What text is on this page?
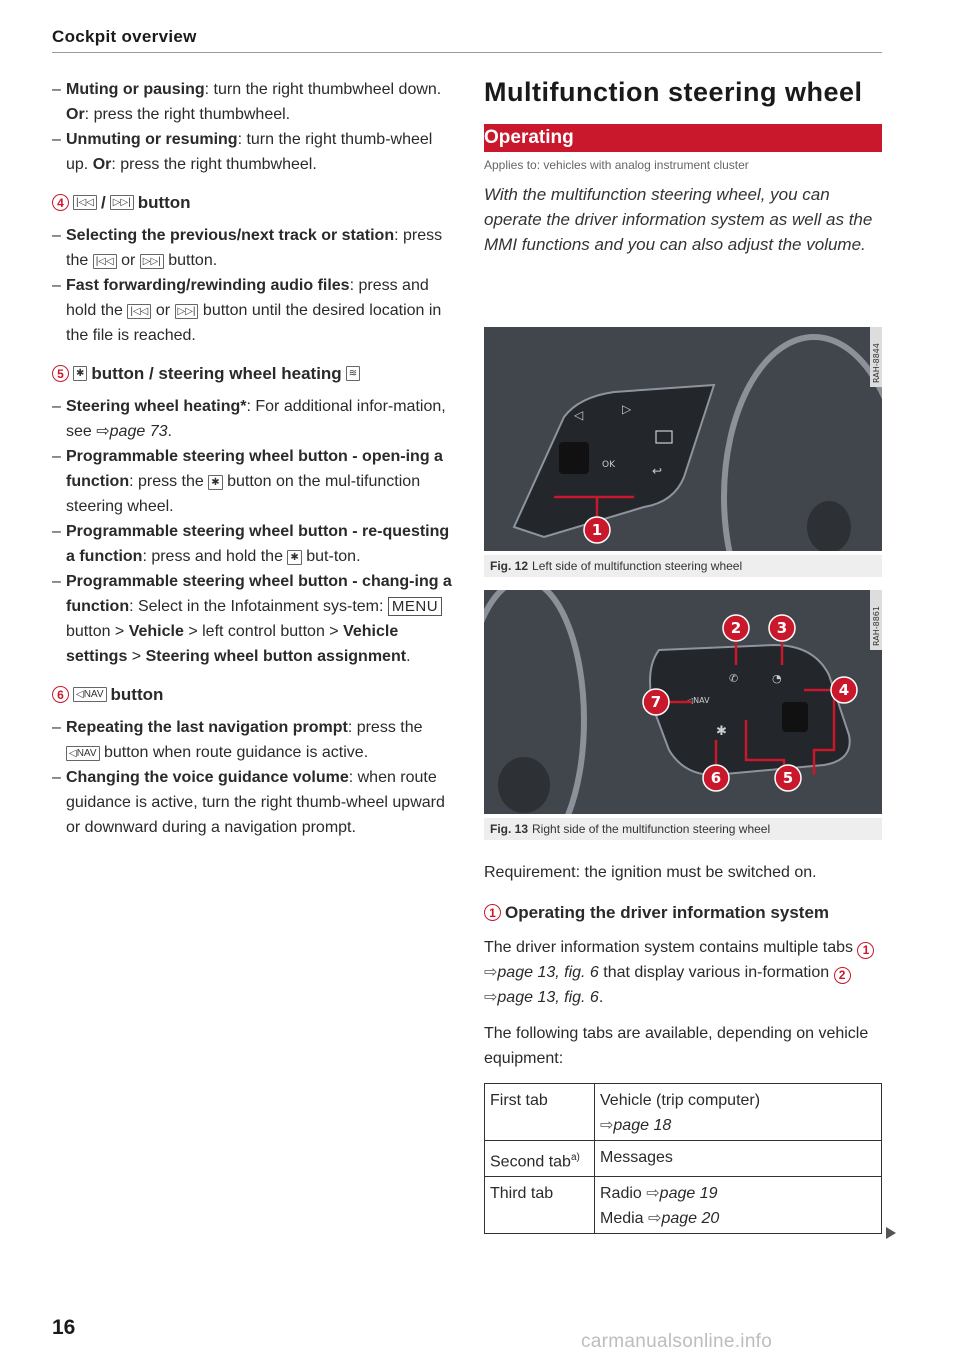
Cockpit overview

– Muting or pausing: turn the right thumbwheel down. Or: press the right thumbwheel.

– Unmuting or resuming: turn the right thumb-wheel up. Or: press the right thumbwheel.

4	|◁◁ / ▷▷| button

– Selecting the previous/next track or station: press the |◁◁ or ▷▷| button.

– Fast forwarding/rewinding audio files: press and hold the |◁◁ or ▷▷| button until the desired location in the file is reached.

5	✱ button / steering wheel heating ≋

– Steering wheel heating*: For additional infor-mation, see ⇨page 73.

– Programmable steering wheel button - open-ing a function: press the ✱ button on the mul-tifunction steering wheel.

– Programmable steering wheel button - re-questing a function: press and hold the ✱ but-ton.

– Programmable steering wheel button - chang-ing a function: Select in the Infotainment sys-tem: MENU button > Vehicle > left control button > Vehicle settings > Steering wheel button assignment.

6	◁NAV button

– Repeating the last navigation prompt: press the ◁NAV button when route guidance is active.

– Changing the voice guidance volume: when route guidance is active, turn the right thumb-wheel upward or downward during a navigation prompt.

Multifunction steering wheel

Operating
Applies to: vehicles with analog instrument cluster
With the multifunction steering wheel, you can operate the driver information system as well as the MMI functions and you can also adjust the volume.
OK
◁	▷
↩
1
RAH-8844
Fig. 12 Left side of multifunction steering wheel
✆	◔
◁NAV
✱
2 3
4
5
6
7
RAH-8861
Fig. 13 Right side of the multifunction steering wheel

Requirement: the ignition must be switched on.

1 Operating the driver information system

The driver information system contains multiple tabs 1 ⇨page 13, fig. 6 that display various in-formation 2 ⇨page 13, fig. 6.

The following tabs are available, depending on vehicle equipment:

First tab	Vehicle (trip computer)
⇨page 18
Second tab$^{a)}$	Messages
Third tab	Radio ⇨page 19
Media ⇨page 20
16
carmanualsonline.info
